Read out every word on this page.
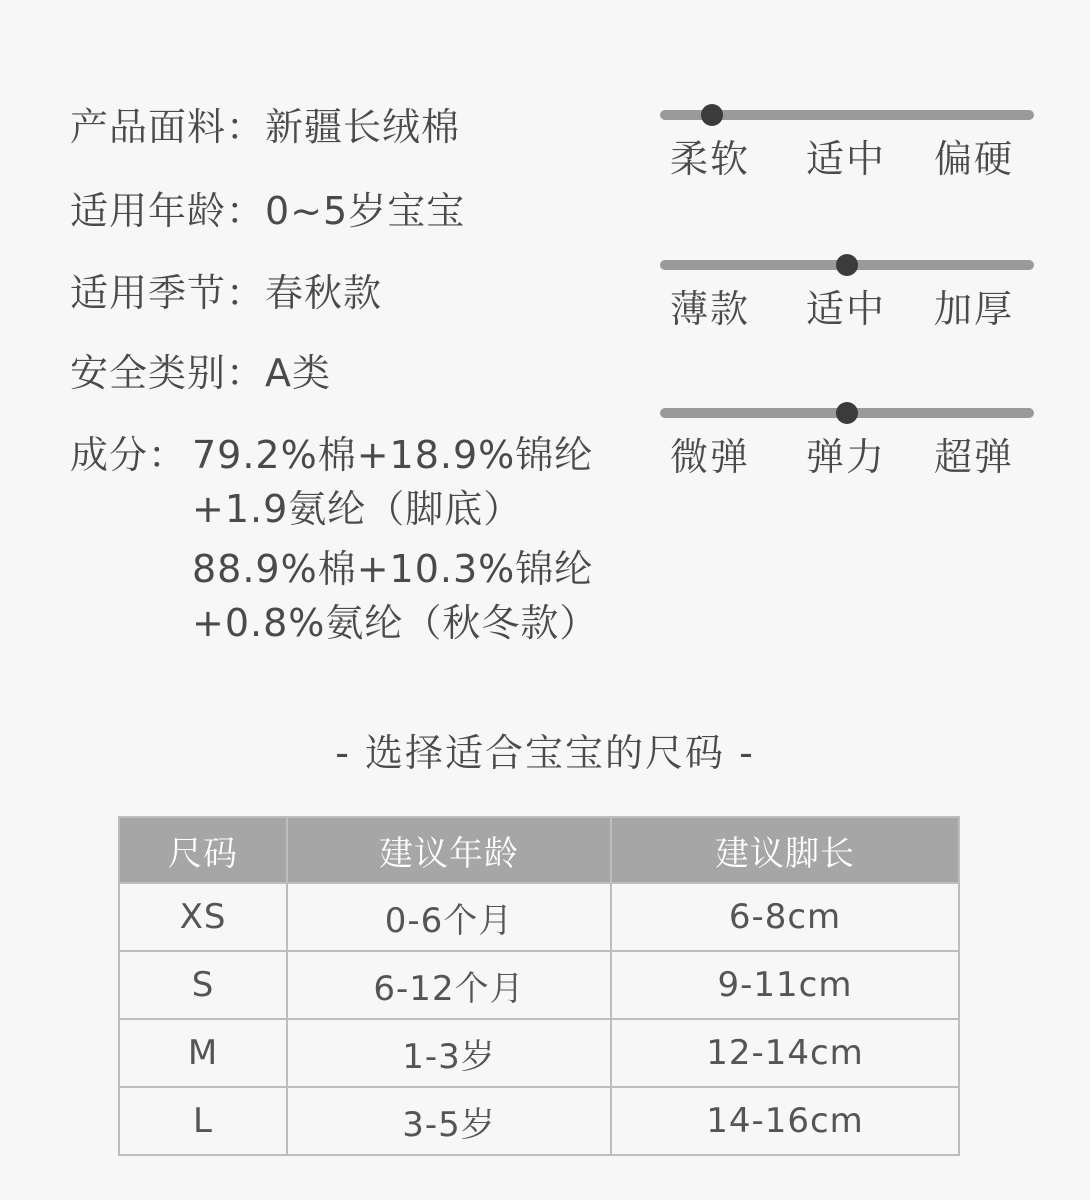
产品面料：新疆长绒棉
适用年龄：0~5岁宝宝
适用季节：春秋款
安全类别：A类
成分： 79.2%棉+18.9%锦纶
+1.9氨纶（脚底）
88.9%棉+10.3%锦纶
+0.8%氨纶（秋冬款）
柔软 适中 偏硬
薄款 适中 加厚
微弹 弹力 超弹
- 选择适合宝宝的尺码 -
尺码	建议年龄	建议脚长
XS	0-6个月	6-8cm
S	6-12个月	9-11cm
M	1-3岁	12-14cm
L	3-5岁	14-16cm
